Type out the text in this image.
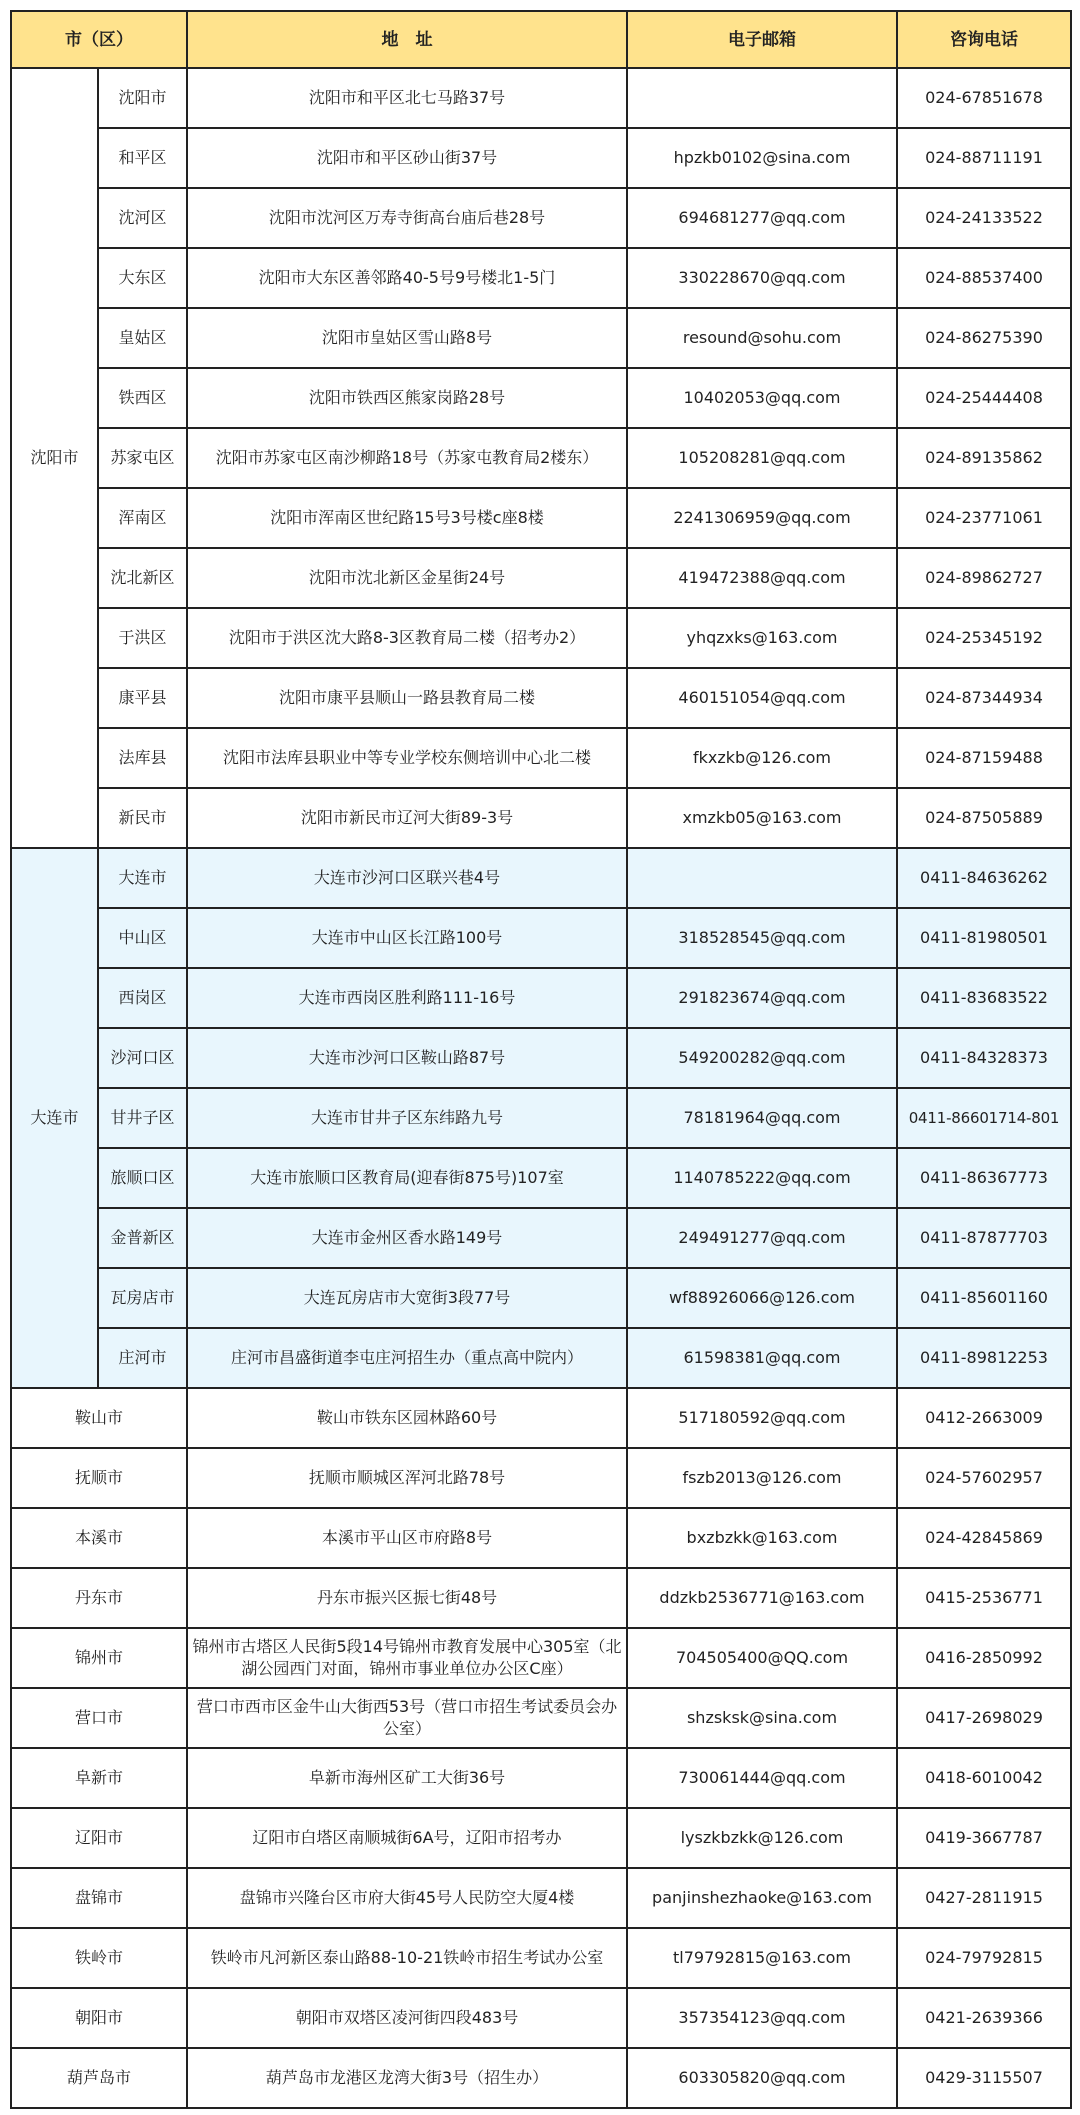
市（区）		地　址	电子邮箱	咨询电话
沈阳市	沈阳市	沈阳市和平区北七马路37号		024-67851678
	和平区	沈阳市和平区砂山街37号	hpzkb0102@sina.com	024-88711191
	沈河区	沈阳市沈河区万寿寺街高台庙后巷28号	694681277@qq.com	024-24133522
	大东区	沈阳市大东区善邻路40-5号9号楼北1-5门	330228670@qq.com	024-88537400
	皇姑区	沈阳市皇姑区雪山路8号	resound@sohu.com	024-86275390
	铁西区	沈阳市铁西区熊家岗路28号	10402053@qq.com	024-25444408
	苏家屯区	沈阳市苏家屯区南沙柳路18号（苏家屯教育局2楼东）	105208281@qq.com	024-89135862
	浑南区	沈阳市浑南区世纪路15号3号楼c座8楼	2241306959@qq.com	024-23771061
	沈北新区	沈阳市沈北新区金星街24号	419472388@qq.com	024-89862727
	于洪区	沈阳市于洪区沈大路8-3区教育局二楼（招考办2）	yhqzxks@163.com	024-25345192
	康平县	沈阳市康平县顺山一路县教育局二楼	460151054@qq.com	024-87344934
	法库县	沈阳市法库县职业中等专业学校东侧培训中心北二楼	fkxzkb@126.com	024-87159488
	新民市	沈阳市新民市辽河大街89-3号	xmzkb05@163.com	024-87505889
大连市	大连市	大连市沙河口区联兴巷4号		0411-84636262
	中山区	大连市中山区长江路100号	318528545@qq.com	0411-81980501
	西岗区	大连市西岗区胜利路111-16号	291823674@qq.com	0411-83683522
	沙河口区	大连市沙河口区鞍山路87号	549200282@qq.com	0411-84328373
	甘井子区	大连市甘井子区东纬路九号	78181964@qq.com	0411-86601714-801
	旅顺口区	大连市旅顺口区教育局(迎春街875号)107室	1140785222@qq.com	0411-86367773
	金普新区	大连市金州区香水路149号	249491277@qq.com	0411-87877703
	瓦房店市	大连瓦房店市大宽街3段77号	wf88926066@126.com	0411-85601160
	庄河市	庄河市昌盛街道李屯庄河招生办（重点高中院内）	61598381@qq.com	0411-89812253
鞍山市		鞍山市铁东区园林路60号	517180592@qq.com	0412-2663009
抚顺市		抚顺市顺城区浑河北路78号	fszb2013@126.com	024-57602957
本溪市		本溪市平山区市府路8号	bxzbzkk@163.com	024-42845869
丹东市		丹东市振兴区振七街48号	ddzkb2536771@163.com	0415-2536771
锦州市		锦州市古塔区人民街5段14号锦州市教育发展中心305室（北湖公园西门对面，锦州市事业单位办公区C座）	704505400@QQ.com	0416-2850992
营口市		营口市西市区金牛山大街西53号（营口市招生考试委员会办公室）	shzsksk@sina.com	0417-2698029
阜新市		阜新市海州区矿工大街36号	730061444@qq.com	0418-6010042
辽阳市		辽阳市白塔区南顺城街6A号，辽阳市招考办	lyszkbzkk@126.com	0419-3667787
盘锦市		盘锦市兴隆台区市府大街45号人民防空大厦4楼	panjinshezhaoke@163.com	0427-2811915
铁岭市		铁岭市凡河新区泰山路88-10-21铁岭市招生考试办公室	tl79792815@163.com	024-79792815
朝阳市		朝阳市双塔区凌河街四段483号	357354123@qq.com	0421-2639366
葫芦岛市		葫芦岛市龙港区龙湾大街3号（招生办）	603305820@qq.com	0429-3115507
